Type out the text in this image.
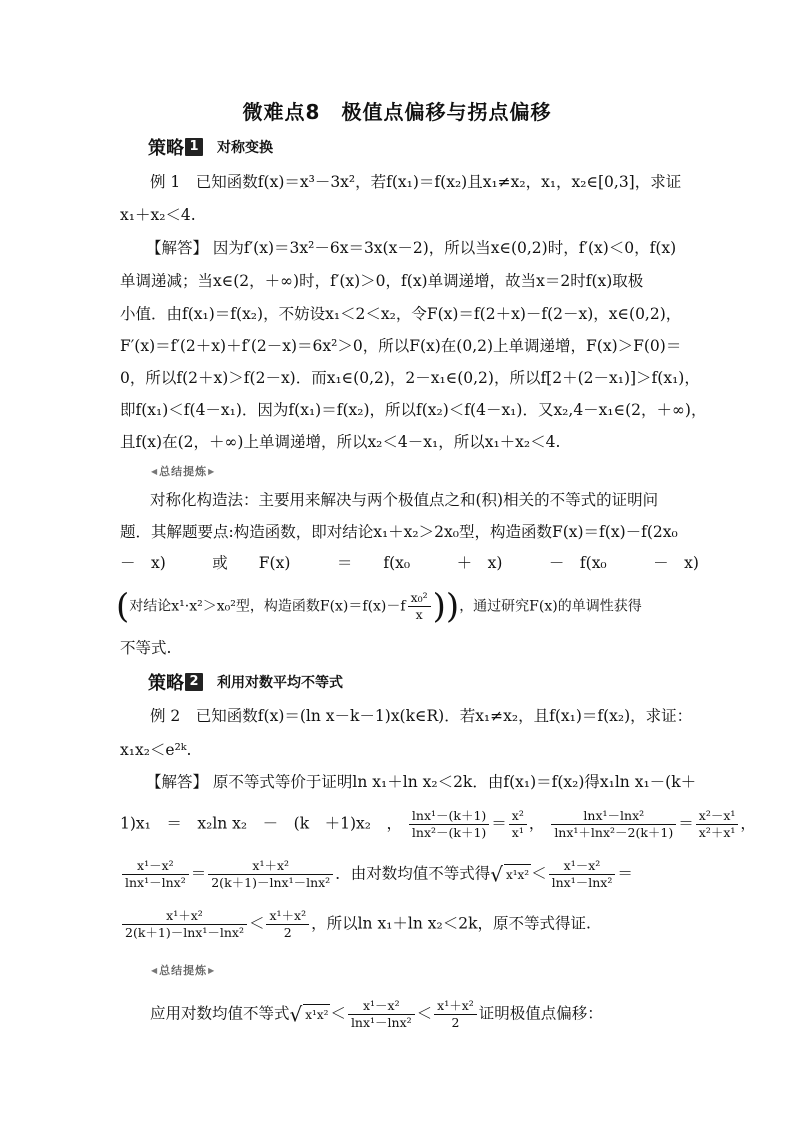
微难点8　极值点偏移与拐点偏移
策略 1	对称变换
例 1　已知函数f(x)＝x³－3x²，若f(x₁)＝f(x₂)且x₁≠x₂，x₁，x₂∈[0,3]，求证
x₁＋x₂＜4.
【解答】 因为f′(x)＝3x²－6x＝3x(x－2)，所以当x∈(0,2)时，f′(x)＜0，f(x)
单调递减；当x∈(2，＋∞)时，f′(x)＞0，f(x)单调递增，故当x＝2时f(x)取极
小值．由f(x₁)＝f(x₂)，不妨设x₁＜2＜x₂，令F(x)＝f(2＋x)－f(2－x)，x∈(0,2)，
F′(x)＝f′(2＋x)＋f′(2－x)＝6x²＞0，所以F(x)在(0,2)上单调递增，F(x)＞F(0)＝
0，所以f(2＋x)＞f(2－x)．而x₁∈(0,2)，2－x₁∈(0,2)，所以f[2＋(2－x₁)]＞f(x₁)，
即f(x₁)＜f(4－x₁)．因为f(x₁)＝f(x₂)，所以f(x₂)＜f(4－x₁)．又x₂,4－x₁∈(2，＋∞)，
且f(x)在(2，＋∞)上单调递增，所以x₂＜4－x₁，所以x₁＋x₂＜4.
◀ 总结提炼 ▶
对称化构造法：主要用来解决与两个极值点之和(积)相关的不等式的证明问
题．其解题要点:构造函数，即对结论x₁＋x₂＞2x₀型，构造函数F(x)＝f(x)－f(2x₀
－　x)　　　或　　F(x)　　　＝　　f(x₀　　　＋　x)　　　－　f(x₀　　　－　x)
(对结论x¹·x²＞x₀²型，构造函数$F(x)=f(x)-f \frac{\text{x₀²}}{x}$ ))，通过研究F(x)的单调性获得
不等式.
策略 2	利用对数平均不等式
例 2　已知函数f(x)＝(ln x－k－1)x(k∈R)．若x₁≠x₂，且f(x₁)＝f(x₂)，求证：
x₁x₂＜e²ᵏ.
【解答】 原不等式等价于证明ln x₁＋ln x₂＜2k．由f(x₁)＝f(x₂)得x₁ln x₁－(k＋
1)x₁　＝　x₂ln x₂　－　(k　＋1)x₂　， $\frac{\text{lnx¹－(k＋1)}}{\text{lnx²－(k＋1)}} = \frac{\text{x²}}{\text{x¹}}$ ， $\frac{\text{lnx¹－lnx²}}{\text{lnx¹＋lnx²－2(k＋1)}} = \frac{\text{x²－x¹}}{\text{x²＋x¹}}$ ，
$\frac{\text{x¹－x²}}{\text{lnx¹－lnx²}} = \frac{\text{x¹＋x²}}{\text{2(k＋1)－lnx¹－lnx²}}$ ．由对数均值不等式得√ $x^1x^2 < \frac{\text{x¹－x²}}{\text{lnx¹－lnx²}}$ ＝
$\frac{\text{x¹＋x²}}{\text{2(k＋1)－lnx¹－lnx²}} < \frac{\text{x¹＋x²}}{2}$ ，所以ln x₁＋ln x₂＜2k，原不等式得证.
◀ 总结提炼 ▶
应用对数均值不等式√ $x^1x^2 < \frac{\text{x¹－x²}}{\text{lnx¹－lnx²}} < \frac{\text{x¹＋x²}}{2}$ 证明极值点偏移：
